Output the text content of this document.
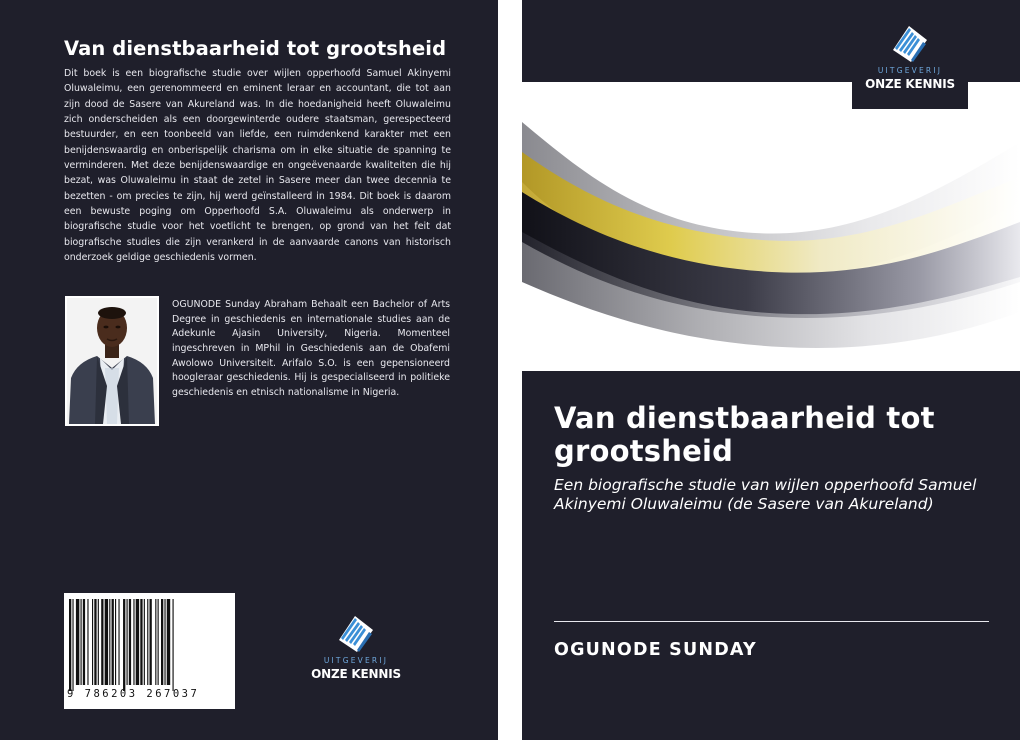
Van dienstbaarheid tot grootsheid
Dit boek is een biografische studie over wijlen opperhoofd Samuel Akinyemi Oluwaleimu, een gerenommeerd en eminent leraar en accountant, die tot aan zijn dood de Sasere van Akureland was. In die hoedanigheid heeft Oluwaleimu zich onderscheiden als een doorgewinterde oudere staatsman, gerespecteerd bestuurder, en een toonbeeld van liefde, een ruimdenkend karakter met een benijdenswaardig en onberispelijk charisma om in elke situatie de spanning te verminderen. Met deze benijdenswaardige en ongeëvenaarde kwaliteiten die hij bezat, was Oluwaleimu in staat de zetel in Sasere meer dan twee decennia te bezetten - om precies te zijn, hij werd geïnstalleerd in 1984. Dit boek is daarom een bewuste poging om Opperhoofd S.A. Oluwaleimu als onderwerp in biografische studie voor het voetlicht te brengen, op grond van het feit dat biografische studies die zijn verankerd in de aanvaarde canons van historisch onderzoek geldige geschiedenis vormen.
OGUNODE Sunday Abraham Behaalt een Bachelor of Arts Degree in geschiedenis en internationale studies aan de Adekunle Ajasin University, Nigeria. Momenteel ingeschreven in MPhil in Geschiedenis aan de Obafemi Awolowo Universiteit. Arifalo S.O. is een gepensioneerd hoogleraar geschiedenis. Hij is gespecialiseerd in politieke geschiedenis en etnisch nationalisme in Nigeria.
9 786203 267037
UITGEVERIJ
ONZE KENNIS
UITGEVERIJ
ONZE KENNIS
Van dienstbaarheid tot grootsheid
Een biografische studie van wijlen opperhoofd Samuel Akinyemi Oluwaleimu (de Sasere van Akureland)
OGUNODE SUNDAY
